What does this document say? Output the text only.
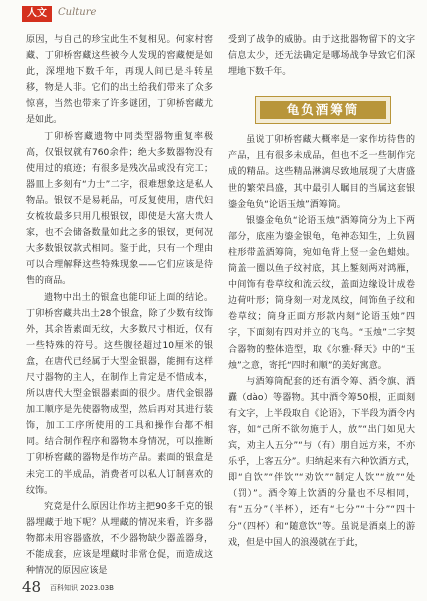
人文	Culture

原因，与自己的珍宝此生不复相见。何家村窖藏、丁卯桥窖藏这些被今人发现的窖藏便是如此，深埋地下数千年，再现人间已是斗转星移，物是人非。它们的出土给我们带来了众多惊喜，当然也带来了许多谜团，丁卯桥窖藏尤是如此。

丁卯桥窖藏遗物中同类型器物重复率极高，仅银钗就有760余件；绝大多数器物没有使用过的痕迹；有很多是残次品或没有完工；器皿上多刻有“力士”二字，很难想象这是私人物品。银钗不是易耗品，可反复使用，唐代妇女梳妆最多只用几根银钗，即使是大富大贵人家，也不会储备数量如此之多的银钗，更何况大多数银钗款式相同。鉴于此，只有一个理由可以合理解释这些特殊现象——它们应该是待售的商品。

遗物中出土的银盒也能印证上面的结论。丁卯桥窖藏共出土28个银盒，除了少数有纹饰外，其余皆素面无纹，大多数尺寸相近，仅有一些特殊的符号。这些腹径超过10厘米的银盒，在唐代已经属于大型金银器，能拥有这样尺寸器物的主人，在制作上肯定是不惜成本，所以唐代大型金银器素面的很少。唐代金银器加工顺序是先使器物成型，然后再对其进行装饰，加工工序所使用的工具和操作台都不相同。结合制作程序和器物本身情况，可以推断丁卯桥窖藏的器物是作坊产品。素面的银盒是未完工的半成品，消费者可以私人订制喜欢的纹饰。

究竟是什么原因让作坊主把90多千克的银器埋藏于地下呢？从埋藏的情况来看，许多器物都未用容器盛放，不少器物缺少器盖器身，不能成套，应该是埋藏时非常仓促，而造成这种情况的原因应该是

受到了战争的威胁。由于这批器物留下的文字信息太少，还无法确定是哪场战争导致它们深埋地下数千年。

龟负酒筹筒

虽说丁卯桥窖藏大概率是一家作坊待售的产品，且有很多未成品，但也不乏一些制作完成的精品。这些精品淋漓尽致地展现了大唐盛世的繁荣昌盛，其中最引人瞩目的当属这套银鎏金龟负“论语玉烛”酒筹筒。

银鎏金龟负“论语玉烛”酒筹筒分为上下两部分，底座为鎏金银龟，龟神态知生，上负圆柱形带盖酒筹筒，宛如龟背上竖一金色蜡烛。筒盖一圈以鱼子纹衬底，其上錾刻两对鸿雁，中间饰有卷草纹和流云纹，盖面边缘设计成卷边荷叶形；筒身刻一对龙凤纹，间饰鱼子纹和卷草纹；筒身正面方形款内刻“论语玉烛”四字，下面刻有四对并立的飞鸟。“玉烛”二字契合器物的整体造型，取《尔雅·释天》中的“玉烛”之意，寄托“四时和顺”的美好寓意。

与酒筹筒配套的还有酒令筹、酒令旗、酒纛（dào）等器物。其中酒令筹50根，正面刻有文字，上半段取自《论语》，下半段为酒令内容，如“己所不欲勿施于人，放”“出门如见大宾，劝主人五分”“与（有）朋自远方来，不亦乐乎，上客五分”。归纳起来有六种饮酒方式，即“自饮”“伴饮”“劝饮”“制定人饮”“放”“处（罚）”。酒令筹上饮酒的分量也不尽相同，有“五分”（半杯），还有“七分”“十分”“四十分”（四杯）和“随意饮”等。虽说是酒桌上的游戏，但是中国人的浪漫就在于此，

48 百科知识 2023.03B
